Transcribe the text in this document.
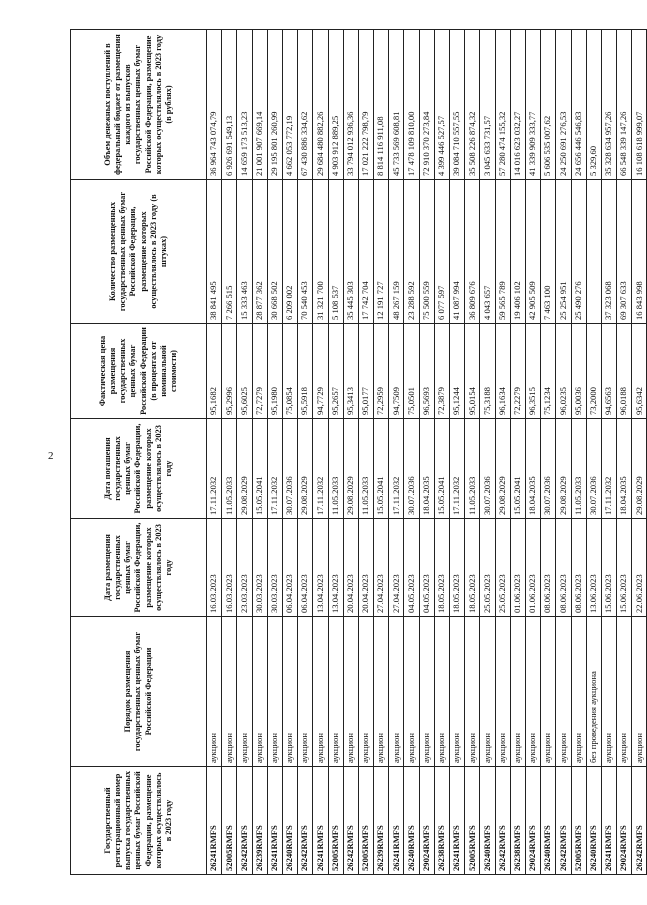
2
Государственный регистрационный номер выпуска государственных ценных бумаг Российской Федерации, размещение которых осуществлялось в 2023 году	Порядок размещения государственных ценных бумаг Российской Федерации	Дата размещения государственных ценных бумаг Российской Федерации, размещение которых осуществлялось в 2023 году	Дата погашения государственных ценных бумаг Российской Федерации, размещение которых осуществлялось в 2023 году	Фактическая цена размещения государственных ценных бумаг Российской Федерации (в процентах от номинальной стоимости)	Количество размещенных государственных ценных бумаг Российской Федерации, размещение которых осуществлялось в 2023 году (в штуках)	Объем денежных поступлений в федеральный бюджет от размещения каждого из выпусков государственных ценных бумаг Российской Федерации, размещение которых осуществлялось в 2023 году (в рублях)
26241RMFS	аукцион	16.03.2023	17.11.2032	95,1682	38 841 495	36 964 743 074,79
52005RMFS	аукцион	16.03.2023	11.05.2033	95,2996	7 266 515	6 926 691 549,13
26242RMFS	аукцион	23.03.2023	29.08.2029	95,6025	15 333 463	14 659 173 513,23
26239RMFS	аукцион	30.03.2023	15.05.2041	72,7279	28 877 362	21 001 907 669,14
26241RMFS	аукцион	30.03.2023	17.11.2032	95,1980	30 668 502	29 195 801 260,99
26240RMFS	аукцион	06.04.2023	30.07.2036	75,0854	6 209 002	4 662 053 772,19
26242RMFS	аукцион	06.04.2023	29.08.2029	95,5918	70 540 453	67 430 886 334,62
26241RMFS	аукцион	13.04.2023	17.11.2032	94,7729	31 321 700	29 684 480 882,26
52005RMFS	аукцион	13.04.2023	11.05.2033	95,2657	5 108 537	4 903 912 889,25
26242RMFS	аукцион	20.04.2023	29.08.2029	95,3413	35 445 303	33 794 012 936,36
52005RMFS	аукцион	20.04.2023	11.05.2033	95,0177	17 742 704	17 021 222 798,79
26239RMFS	аукцион	27.04.2023	15.05.2041	72,2959	12 191 727	8 814 116 911,08
26241RMFS	аукцион	27.04.2023	17.11.2032	94,7509	48 267 159	45 733 569 608,81
26240RMFS	аукцион	04.05.2023	30.07.2036	75,0501	23 288 592	17 478 109 810,00
29024RMFS	аукцион	04.05.2023	18.04.2035	96,5693	75 500 559	72 910 370 273,84
26238RMFS	аукцион	18.05.2023	15.05.2041	72,3879	6 077 597	4 399 446 527,57
26241RMFS	аукцион	18.05.2023	17.11.2032	95,1244	41 087 994	39 084 710 557,55
52005RMFS	аукцион	18.05.2023	11.05.2033	95,0154	36 809 676	35 508 226 874,32
26240RMFS	аукцион	25.05.2023	30.07.2036	75,3188	4 043 657	3 045 633 731,57
26242RMFS	аукцион	25.05.2023	29.08.2029	96,1634	59 565 789	57 280 474 155,32
26238RMFS	аукцион	01.06.2023	15.05.2041	72,2279	19 406 102	14 016 623 032,27
29024RMFS	аукцион	01.06.2023	18.04.2035	96,3515	42 905 509	41 339 909 333,77
26240RMFS	аукцион	08.06.2023	30.07.2036	75,1234	7 463 100	5 606 535 007,62
26242RMFS	аукцион	08.06.2023	29.08.2029	96,0235	25 254 951	24 250 691 276,53
52005RMFS	аукцион	08.06.2023	11.05.2033	95,0036	25 490 276	24 656 446 546,83
26240RMFS	без проведения аукциона	13.06.2023	30.07.2036	73,2000		5 329,60
26241RMFS	аукцион	15.06.2023	17.11.2032	94,6563	37 323 068	35 328 634 957,26
29024RMFS	аукцион	15.06.2023	18.04.2035	96,0188	69 307 633	66 548 339 147,26
26242RMFS	аукцион	22.06.2023	29.08.2029	95,6342	16 843 998	16 108 618 999,07
